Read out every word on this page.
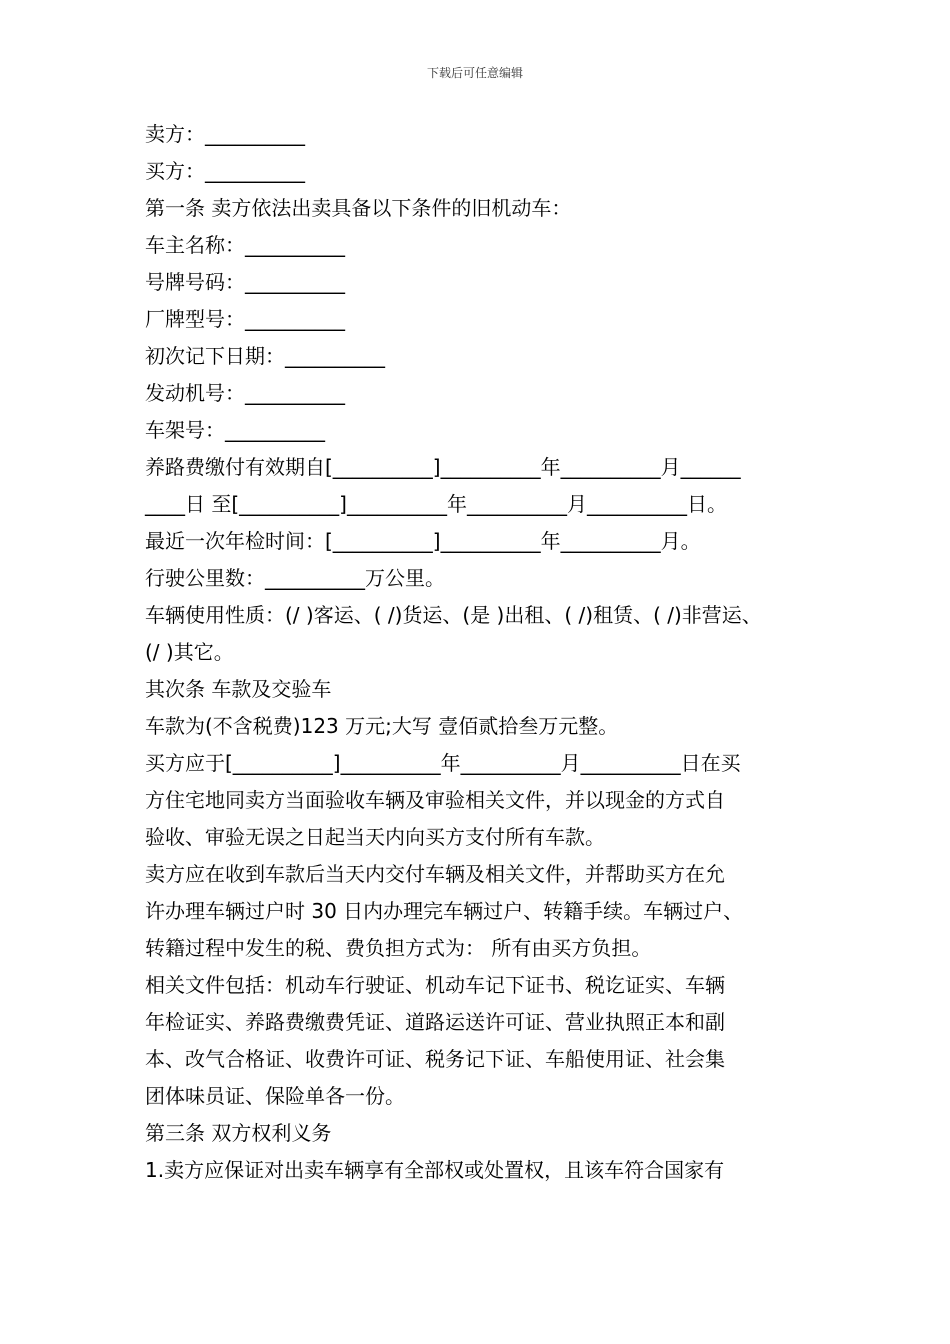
下载后可任意编辑
卖方：__________
买方：__________
第一条 卖方依法出卖具备以下条件的旧机动车：
车主名称：__________
号牌号码：__________
厂牌型号：__________
初次记下日期：__________
发动机号：__________
车架号：__________
养路费缴付有效期自[__________]__________年__________月______
____日 至[__________]__________年__________月__________日。
最近一次年检时间：[__________]__________年__________月。
行驶公里数：__________万公里。
车辆使用性质：(/ )客运、( /)货运、(是 )出租、( /)租赁、( /)非营运、
(/ )其它。
其次条 车款及交验车
车款为(不含税费)123 万元;大写 壹佰贰拾叁万元整。
买方应于[__________]__________年__________月__________日在买
方住宅地同卖方当面验收车辆及审验相关文件，并以现金的方式自
验收、审验无误之日起当天内向买方支付所有车款。
卖方应在收到车款后当天内交付车辆及相关文件，并帮助买方在允
许办理车辆过户时 30 日内办理完车辆过户、转籍手续。车辆过户、
转籍过程中发生的税、费负担方式为： 所有由买方负担。
相关文件包括：机动车行驶证、机动车记下证书、税讫证实、车辆
年检证实、养路费缴费凭证、道路运送许可证、营业执照正本和副
本、改气合格证、收费许可证、税务记下证、车船使用证、社会集
团体味员证、保险单各一份。
第三条 双方权利义务
1.卖方应保证对出卖车辆享有全部权或处置权，且该车符合国家有
